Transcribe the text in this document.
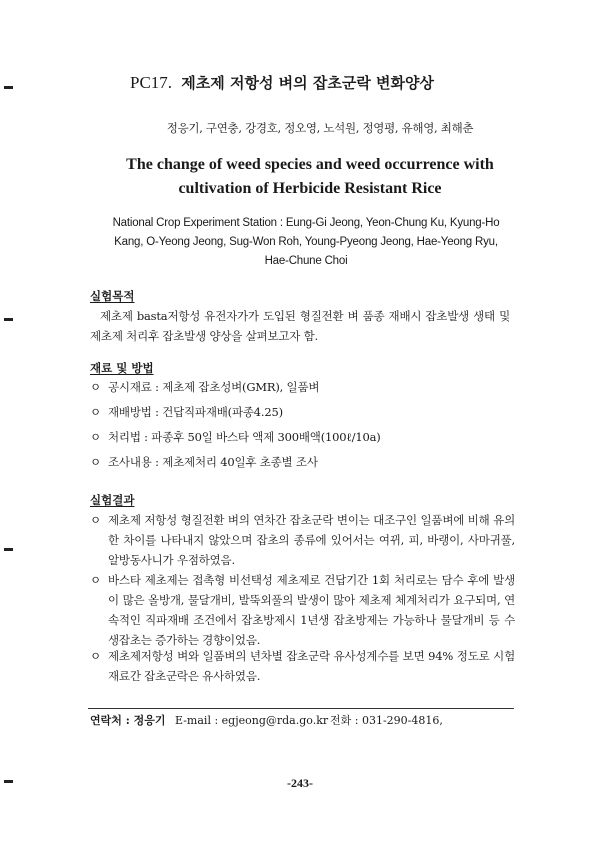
PC17. 제초제 저항성 벼의 잡초군락 변화양상
정응기, 구연충, 강경호, 정오영, 노석원, 정영평, 유해영, 최해춘
The change of weed species and weed occurrence with
cultivation of Herbicide Resistant Rice
National Crop Experiment Station : Eung-Gi Jeong, Yeon-Chung Ku, Kyung-Ho
Kang, O-Yeong Jeong, Sug-Won Roh, Young-Pyeong Jeong, Hae-Yeong Ryu,
Hae-Chune Choi
실험목적
제초제 basta저항성 유전자가가 도입된 형질전환 벼 품종 재배시 잡초발생 생태 및 제초제 처리후 잡초발생 양상을 살펴보고자 함.
재료 및 방법
ㅇ 공시재료 : 제초제 잡초성벼(GMR), 일품벼
ㅇ 재배방법 : 건답직파재배(파종4.25)
ㅇ 처리법 : 파종후 50일 바스타 액제 300배액(100ℓ/10a)
ㅇ 조사내용 : 제초제처리 40일후 초종별 조사
실험결과
ㅇ 제초제 저항성 형질전환 벼의 연차간 잡초군락 변이는 대조구인 일품벼에 비해 유의한 차이를 나타내지 않았으며 잡초의 종류에 있어서는 여뀌, 피, 바랭이, 사마귀풀, 알방동사니가 우점하였음.
ㅇ 바스타 제초제는 접촉형 비선택성 제초제로 건답기간 1회 처리로는 담수 후에 발생이 많은 올방개, 물달개비, 발뚝외풀의 발생이 많아 제초제 체계처리가 요구되며, 연속적인 직파재배 조건에서 잡초방제시 1년생 잡초방제는 가능하나 물달개비 등 수생잡초는 증가하는 경향이었음.
ㅇ 제초제저항성 벼와 일품벼의 년차별 잡초군락 유사성계수를 보면 94% 정도로 시험재료간 잡초군락은 유사하였음.
연락처 : 정응기 E-mail : egjeong@rda.go.kr 전화 : 031-290-4816,
-243-
